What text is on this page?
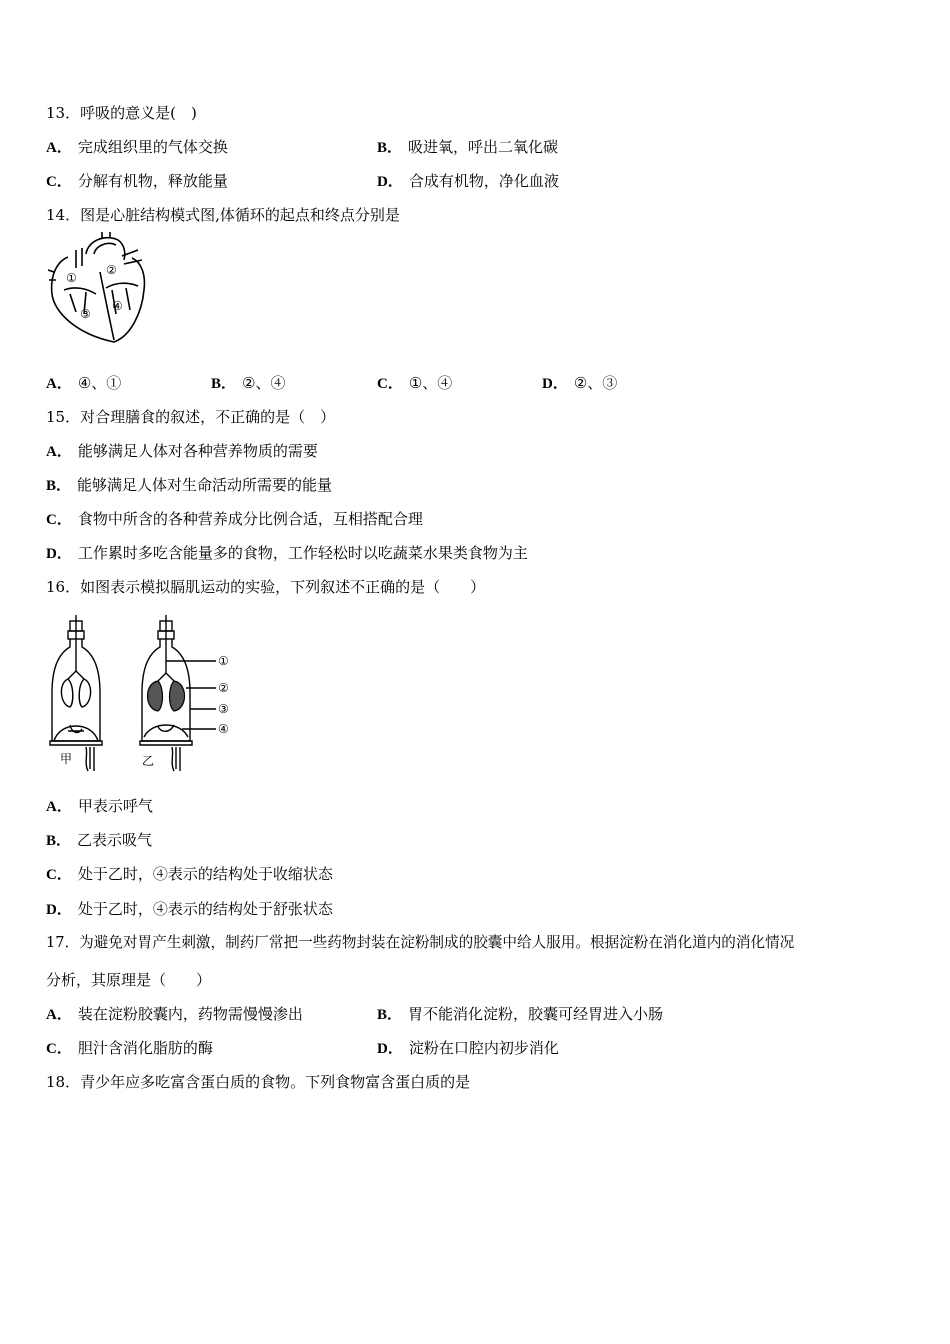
13．呼吸的意义是(　)
A． 完成组织里的气体交换	B． 吸进氧，呼出二氧化碳
C． 分解有机物，释放能量	D． 合成有机物，净化血液
14．图是心脏结构模式图,体循环的起点和终点分别是
①
②
③
④
A． ④、①	B． ②、④	C． ①、④	D． ②、③
15．对合理膳食的叙述，不正确的是（　）
A． 能够满足人体对各种营养物质的需要
B． 能够满足人体对生命活动所需要的能量
C． 食物中所含的各种营养成分比例合适，互相搭配合理
D． 工作累时多吃含能量多的食物，工作轻松时以吃蔬菜水果类食物为主
16．如图表示模拟膈肌运动的实验，下列叙述不正确的是（　　）
①
②
③
④
甲	乙
A． 甲表示呼气
B． 乙表示吸气
C． 处于乙时，④表示的结构处于收缩状态
D． 处于乙时，④表示的结构处于舒张状态
17．为避免对胃产生刺激，制药厂常把一些药物封装在淀粉制成的胶囊中给人服用。根据淀粉在消化道内的消化情况
分析，其原理是（　　）
A． 装在淀粉胶囊内，药物需慢慢渗出	B． 胃不能消化淀粉，胶囊可经胃进入小肠
C． 胆汁含消化脂肪的酶	D． 淀粉在口腔内初步消化
18．青少年应多吃富含蛋白质的食物。下列食物富含蛋白质的是
